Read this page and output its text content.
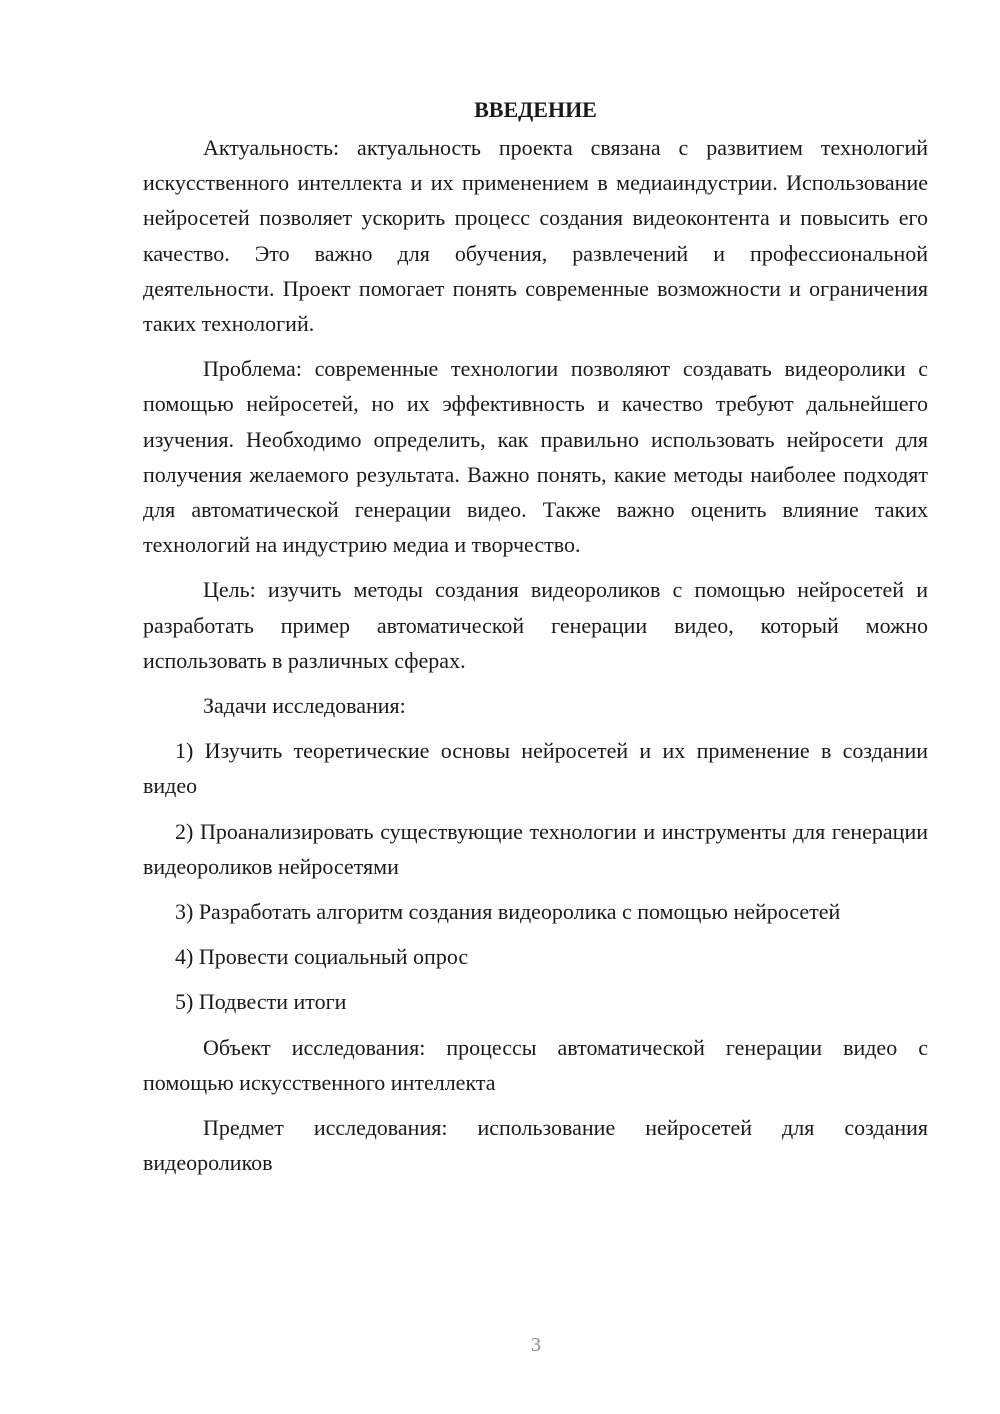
ВВЕДЕНИЕ

Актуальность: актуальность проекта связана с развитием технологий искусственного интеллекта и их применением в медиаиндустрии. Использование нейросетей позволяет ускорить процесс создания видеоконтента и повысить его качество. Это важно для обучения, развлечений и профессиональной деятельности. Проект помогает понять современные возможности и ограничения таких технологий.

Проблема: современные технологии позволяют создавать видеоролики с помощью нейросетей, но их эффективность и качество требуют дальнейшего изучения. Необходимо определить, как правильно использовать нейросети для получения желаемого результата. Важно понять, какие методы наиболее подходят для автоматической генерации видео. Также важно оценить влияние таких технологий на индустрию медиа и творчество.

Цель: изучить методы создания видеороликов с помощью нейросетей и разработать пример автоматической генерации видео, который можно использовать в различных сферах.

Задачи исследования:

1) Изучить теоретические основы нейросетей и их применение в создании видео

2) Проанализировать существующие технологии и инструменты для генерации видеороликов нейросетями

3) Разработать алгоритм создания видеоролика с помощью нейросетей

4) Провести социальный опрос

5) Подвести итоги

Объект исследования: процессы автоматической генерации видео с помощью искусственного интеллекта

Предмет исследования: использование нейросетей для создания видеороликов

3
